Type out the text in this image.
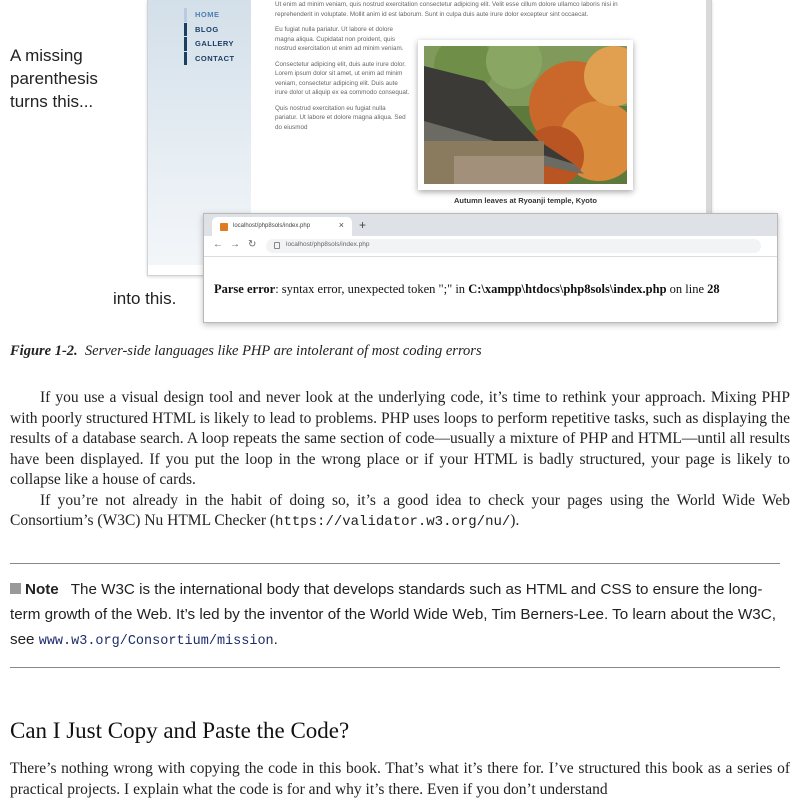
A missing parenthesis turns this...
HOME
BLOG
GALLERY
CONTACT

Ut enim ad minim veniam, quis nostrud exercitation consectetur adipicing elit. Velit esse cillum dolore ullamco laboris nisi in reprehenderit in voluptate. Mollit anim id est laborum. Sunt in culpa duis aute irure dolor excepteur sint occaecat.

Eu fugiat nulla pariatur. Ut labore et dolore magna aliqua. Cupidatat non proident, quis nostrud exercitation ut enim ad minim veniam.

Consectetur adipicing elit, duis aute irure dolor. Lorem ipsum dolor sit amet, ut enim ad minim veniam, consectetur adipicing elit. Duis aute irure dolor ut aliquip ex ea commodo consequat.

Quis nostrud exercitation eu fugiat nulla pariatur. Ut labore et dolore magna aliqua. Sed do eiusmod

Autumn leaves at Ryoanji temple, Kyoto
localhost/php8sols/index.php	× +
← → ↻	localhost/php8sols/index.php
Parse error: syntax error, unexpected token ";" in C:\xampp\htdocs\php8sols\index.php on line 28
into this.
Figure 1-2. Server-side languages like PHP are intolerant of most coding errors

If you use a visual design tool and never look at the underlying code, it’s time to rethink your approach. Mixing PHP with poorly structured HTML is likely to lead to problems. PHP uses loops to perform repetitive tasks, such as displaying the results of a database search. A loop repeats the same section of code—usually a mixture of PHP and HTML—until all results have been displayed. If you put the loop in the wrong place or if your HTML is badly structured, your page is likely to collapse like a house of cards.

If you’re not already in the habit of doing so, it’s a good idea to check your pages using the World Wide Web Consortium’s (W3C) Nu HTML Checker (https://validator.w3.org/nu/).

Note The W3C is the international body that develops standards such as HTML and CSS to ensure the long-term growth of the Web. It’s led by the inventor of the World Wide Web, Tim Berners-Lee. To learn about the W3C, see www.w3.org/Consortium/mission.
Can I Just Copy and Paste the Code?

There’s nothing wrong with copying the code in this book. That’s what it’s there for. I’ve structured this book as a series of practical projects. I explain what the code is for and why it’s there. Even if you don’t understand
